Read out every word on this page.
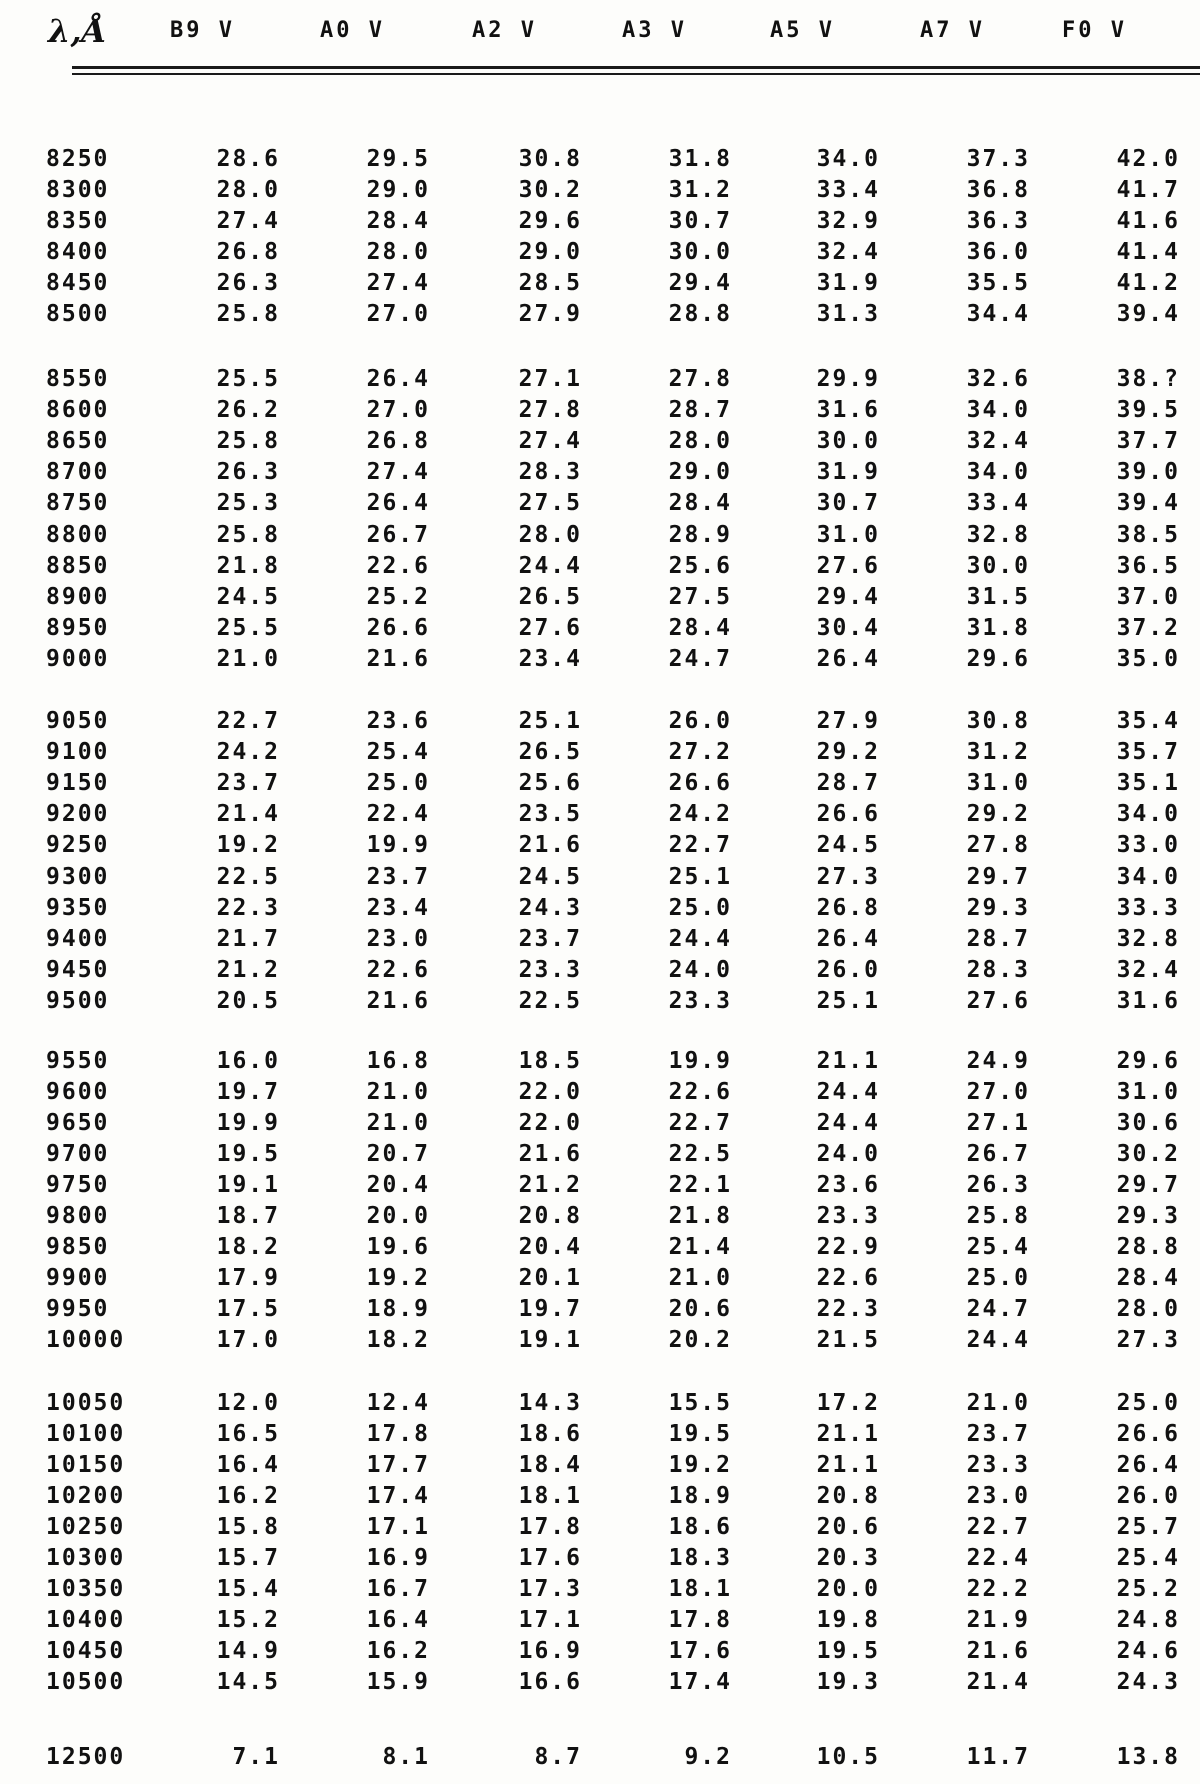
λ,Å	B9 V	A0 V	A2 V	A3 V	A5 V	A7 V	F0 V
8250	28.6	29.5	30.8	31.8	34.0	37.3	42.0
8300	28.0	29.0	30.2	31.2	33.4	36.8	41.7
8350	27.4	28.4	29.6	30.7	32.9	36.3	41.6
8400	26.8	28.0	29.0	30.0	32.4	36.0	41.4
8450	26.3	27.4	28.5	29.4	31.9	35.5	41.2
8500	25.8	27.0	27.9	28.8	31.3	34.4	39.4
8550	25.5	26.4	27.1	27.8	29.9	32.6	38.?
8600	26.2	27.0	27.8	28.7	31.6	34.0	39.5
8650	25.8	26.8	27.4	28.0	30.0	32.4	37.7
8700	26.3	27.4	28.3	29.0	31.9	34.0	39.0
8750	25.3	26.4	27.5	28.4	30.7	33.4	39.4
8800	25.8	26.7	28.0	28.9	31.0	32.8	38.5
8850	21.8	22.6	24.4	25.6	27.6	30.0	36.5
8900	24.5	25.2	26.5	27.5	29.4	31.5	37.0
8950	25.5	26.6	27.6	28.4	30.4	31.8	37.2
9000	21.0	21.6	23.4	24.7	26.4	29.6	35.0
9050	22.7	23.6	25.1	26.0	27.9	30.8	35.4
9100	24.2	25.4	26.5	27.2	29.2	31.2	35.7
9150	23.7	25.0	25.6	26.6	28.7	31.0	35.1
9200	21.4	22.4	23.5	24.2	26.6	29.2	34.0
9250	19.2	19.9	21.6	22.7	24.5	27.8	33.0
9300	22.5	23.7	24.5	25.1	27.3	29.7	34.0
9350	22.3	23.4	24.3	25.0	26.8	29.3	33.3
9400	21.7	23.0	23.7	24.4	26.4	28.7	32.8
9450	21.2	22.6	23.3	24.0	26.0	28.3	32.4
9500	20.5	21.6	22.5	23.3	25.1	27.6	31.6
9550	16.0	16.8	18.5	19.9	21.1	24.9	29.6
9600	19.7	21.0	22.0	22.6	24.4	27.0	31.0
9650	19.9	21.0	22.0	22.7	24.4	27.1	30.6
9700	19.5	20.7	21.6	22.5	24.0	26.7	30.2
9750	19.1	20.4	21.2	22.1	23.6	26.3	29.7
9800	18.7	20.0	20.8	21.8	23.3	25.8	29.3
9850	18.2	19.6	20.4	21.4	22.9	25.4	28.8
9900	17.9	19.2	20.1	21.0	22.6	25.0	28.4
9950	17.5	18.9	19.7	20.6	22.3	24.7	28.0
10000	17.0	18.2	19.1	20.2	21.5	24.4	27.3
10050	12.0	12.4	14.3	15.5	17.2	21.0	25.0
10100	16.5	17.8	18.6	19.5	21.1	23.7	26.6
10150	16.4	17.7	18.4	19.2	21.1	23.3	26.4
10200	16.2	17.4	18.1	18.9	20.8	23.0	26.0
10250	15.8	17.1	17.8	18.6	20.6	22.7	25.7
10300	15.7	16.9	17.6	18.3	20.3	22.4	25.4
10350	15.4	16.7	17.3	18.1	20.0	22.2	25.2
10400	15.2	16.4	17.1	17.8	19.8	21.9	24.8
10450	14.9	16.2	16.9	17.6	19.5	21.6	24.6
10500	14.5	15.9	16.6	17.4	19.3	21.4	24.3
12500	7.1	8.1	8.7	9.2	10.5	11.7	13.8
